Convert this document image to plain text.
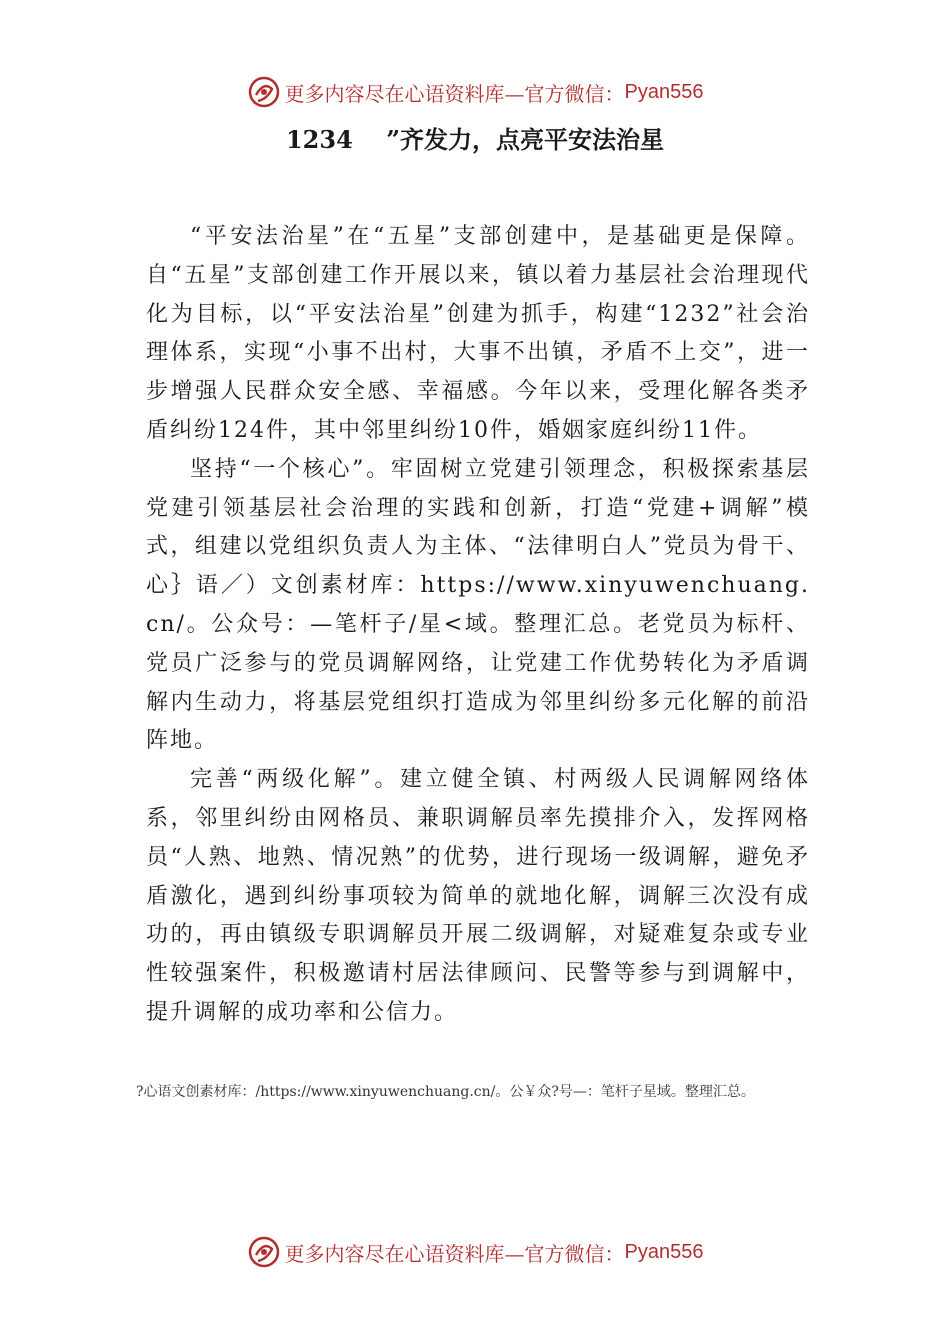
更多内容尽在心语资料库—官方微信： Pyan556
1234    ”齐发力，点亮平安法治星

“平安法治星”在“五星”支部创建中，是基础更是保障。自“五星”支部创建工作开展以来，镇以着力基层社会治理现代化为目标，以“平安法治星”创建为抓手，构建“1232”社会治理体系，实现“小事不出村，大事不出镇，矛盾不上交”，进一步增强人民群众安全感、幸福感。今年以来，受理化解各类矛盾纠纷124件，其中邻里纠纷10件，婚姻家庭纠纷11件。

坚持“一个核心”。牢固树立党建引领理念，积极探索基层党建引领基层社会治理的实践和创新，打造“党建+调解”模式，组建以党组织负责人为主体、“法律明白人”党员为骨干、心｝语／）文创素材库：https://www.xinyuwenchuang.cn/。公众号：—笔杆子/星<域。整理汇总。老党员为标杆、党员广泛参与的党员调解网络，让党建工作优势转化为矛盾调解内生动力，将基层党组织打造成为邻里纠纷多元化解的前沿阵地。

完善“两级化解”。建立健全镇、村两级人民调解网络体系，邻里纠纷由网格员、兼职调解员率先摸排介入，发挥网格员“人熟、地熟、情况熟”的优势，进行现场一级调解，避免矛盾激化，遇到纠纷事项较为简单的就地化解，调解三次没有成功的，再由镇级专职调解员开展二级调解，对疑难复杂或专业性较强案件，积极邀请村居法律顾问、民警等参与到调解中，提升调解的成功率和公信力。

?心语文创素材库：/https://www.xinyuwenchuang.cn/。公￥众?号—：笔杆子星域。整理汇总。
更多内容尽在心语资料库—官方微信： Pyan556
